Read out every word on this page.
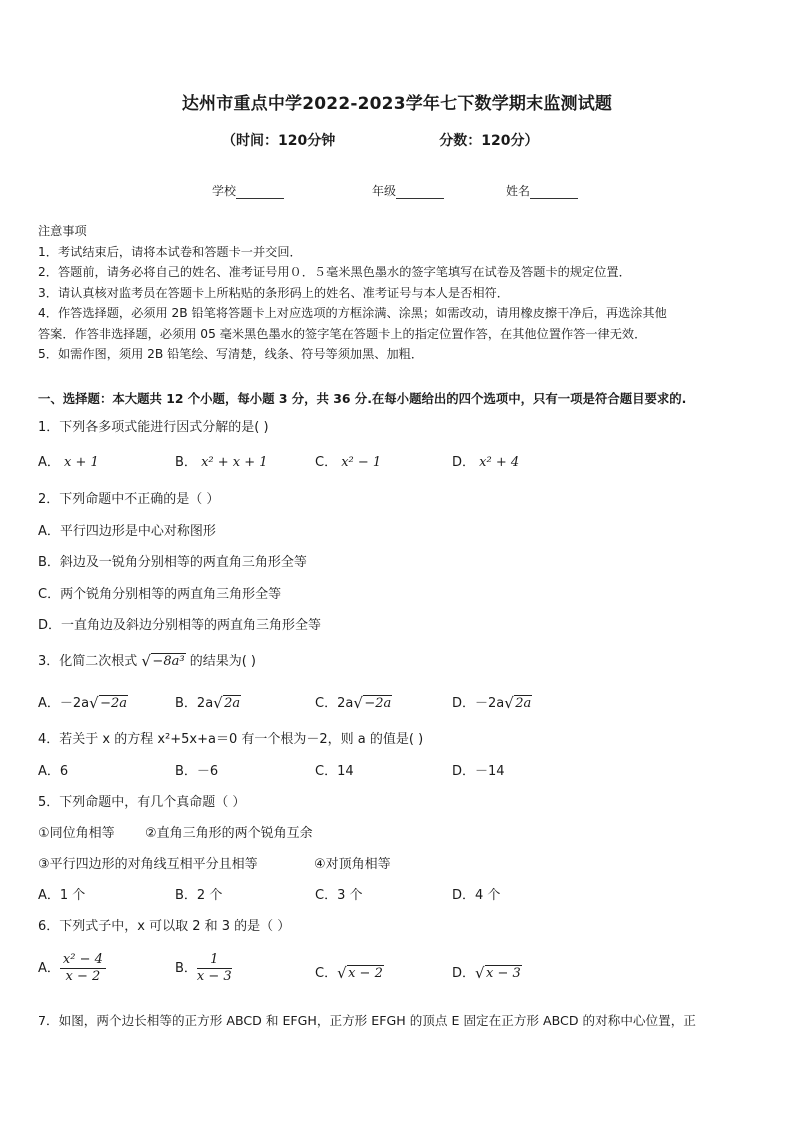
达州市重点中学2022-2023学年七下数学期末监测试题
（时间：120分钟	分数：120分）
学校	年级	姓名
注意事项
1．考试结束后，请将本试卷和答题卡一并交回．
2．答题前，请务必将自己的姓名、准考证号用０．５毫米黑色墨水的签字笔填写在试卷及答题卡的规定位置．
3．请认真核对监考员在答题卡上所粘贴的条形码上的姓名、准考证号与本人是否相符．
4．作答选择题，必须用 2B 铅笔将答题卡上对应选项的方框涂满、涂黑；如需改动，请用橡皮擦干净后，再选涂其他
答案．作答非选择题，必须用 05 毫米黑色墨水的签字笔在答题卡上的指定位置作答，在其他位置作答一律无效．
5．如需作图，须用 2B 铅笔绘、写清楚，线条、符号等须加黑、加粗．
一、选择题：本大题共 12 个小题，每小题 3 分，共 36 分.在每小题给出的四个选项中，只有一项是符合题目要求的.
1．下列各多项式能进行因式分解的是( )
A． x + 1	B． x² + x + 1	C． x² − 1	D． x² + 4
2．下列命题中不正确的是（ ）
A．平行四边形是中心对称图形
B．斜边及一锐角分别相等的两直角三角形全等
C．两个锐角分别相等的两直角三角形全等
D．一直角边及斜边分别相等的两直角三角形全等
3．化简二次根式 √ −8a³ 的结果为( )
A．－2a √ −2a	B．2a √ 2a	C．2a √ −2a	D．－2a √ 2a
4．若关于 x 的方程 x²+5x+a＝0 有一个根为－2，则 a 的值是( )
A．6	B．－6	C．14	D．－14
5．下列命题中，有几个真命题（ ）
①同位角相等 ②直角三角形的两个锐角互余
③平行四边形的对角线互相平分且相等	④对顶角相等
A．1 个	B．2 个	C．3 个	D．4 个
6．下列式子中，x 可以取 2 和 3 的是（ ）
A． $\frac{\text{x² − 4}}{x - 2}$	B． $\frac{1}{x - 3}$	C． √ x − 2	D． √ x − 3
7．如图，两个边长相等的正方形 ABCD 和 EFGH，正方形 EFGH 的顶点 E 固定在正方形 ABCD 的对称中心位置，正
